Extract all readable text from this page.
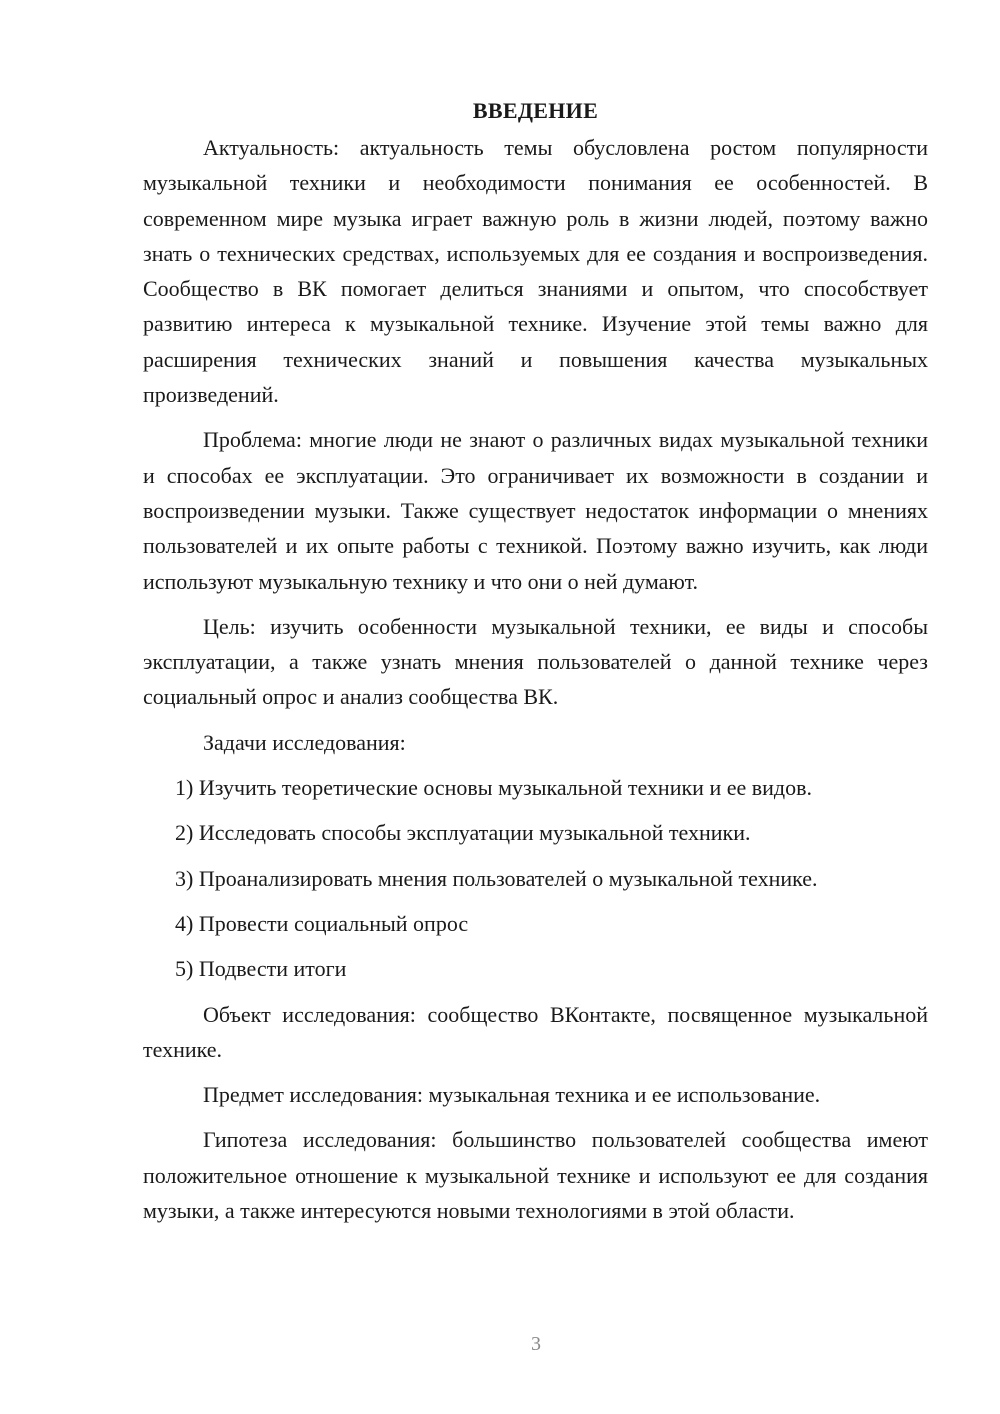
ВВЕДЕНИЕ

Актуальность: актуальность темы обусловлена ростом популярности музыкальной техники и необходимости понимания ее особенностей. В современном мире музыка играет важную роль в жизни людей, поэтому важно знать о технических средствах, используемых для ее создания и воспроизведения. Сообщество в ВК помогает делиться знаниями и опытом, что способствует развитию интереса к музыкальной технике. Изучение этой темы важно для расширения технических знаний и повышения качества музыкальных произведений.

Проблема: многие люди не знают о различных видах музыкальной техники и способах ее эксплуатации. Это ограничивает их возможности в создании и воспроизведении музыки. Также существует недостаток информации о мнениях пользователей и их опыте работы с техникой. Поэтому важно изучить, как люди используют музыкальную технику и что они о ней думают.

Цель: изучить особенности музыкальной техники, ее виды и способы эксплуатации, а также узнать мнения пользователей о данной технике через социальный опрос и анализ сообщества ВК.

Задачи исследования:

1) Изучить теоретические основы музыкальной техники и ее видов.

2) Исследовать способы эксплуатации музыкальной техники.

3) Проанализировать мнения пользователей о музыкальной технике.

4) Провести социальный опрос

5) Подвести итоги

Объект исследования: сообщество ВКонтакте, посвященное музыкальной технике.

Предмет исследования: музыкальная техника и ее использование.

Гипотеза исследования: большинство пользователей сообщества имеют положительное отношение к музыкальной технике и используют ее для создания музыки, а также интересуются новыми технологиями в этой области.

3
